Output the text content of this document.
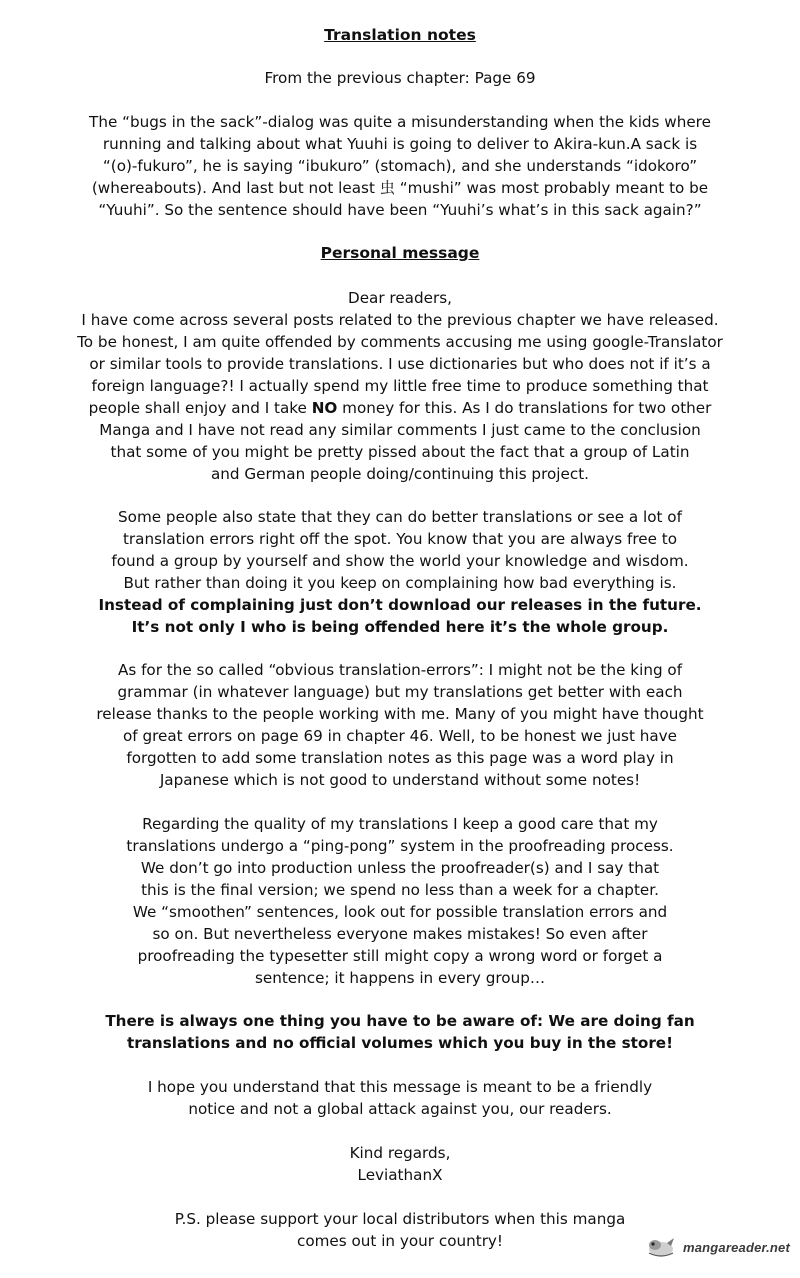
Translation notes

From the previous chapter: Page 69

The “bugs in the sack”-dialog was quite a misunderstanding when the kids where

running and talking about what Yuuhi is going to deliver to Akira-kun.A sack is

“(o)-fukuro”, he is saying “ibukuro” (stomach), and she understands “idokoro”

(whereabouts). And last but not least 虫 “mushi” was most probably meant to be

“Yuuhi”. So the sentence should have been “Yuuhi’s what’s in this sack again?”

Personal message

Dear readers,

I have come across several posts related to the previous chapter we have released.

To be honest, I am quite offended by comments accusing me using google-Translator

or similar tools to provide translations. I use dictionaries but who does not if it’s a

foreign language?! I actually spend my little free time to produce something that

people shall enjoy and I take NO money for this. As I do translations for two other

Manga and I have not read any similar comments I just came to the conclusion

that some of you might be pretty pissed about the fact that a group of Latin

and German people doing/continuing this project.

Some people also state that they can do better translations or see a lot of

translation errors right off the spot. You know that you are always free to

found a group by yourself and show the world your knowledge and wisdom.

But rather than doing it you keep on complaining how bad everything is.

Instead of complaining just don’t download our releases in the future.

It’s not only I who is being offended here it’s the whole group.

As for the so called “obvious translation-errors”: I might not be the king of

grammar (in whatever language) but my translations get better with each

release thanks to the people working with me. Many of you might have thought

of great errors on page 69 in chapter 46. Well, to be honest we just have

forgotten to add some translation notes as this page was a word play in

Japanese which is not good to understand without some notes!

Regarding the quality of my translations I keep a good care that my

translations undergo a “ping-pong” system in the proofreading process.

We don’t go into production unless the proofreader(s) and I say that

this is the final version; we spend no less than a week for a chapter.

We “smoothen” sentences, look out for possible translation errors and

so on. But nevertheless everyone makes mistakes! So even after

proofreading the typesetter still might copy a wrong word or forget a

sentence; it happens in every group…

There is always one thing you have to be aware of: We are doing fan

translations and no official volumes which you buy in the store!

I hope you understand that this message is meant to be a friendly

notice and not a global attack against you, our readers.

Kind regards,

LeviathanX

P.S. please support your local distributors when this manga

comes out in your country!	mangareader.net
